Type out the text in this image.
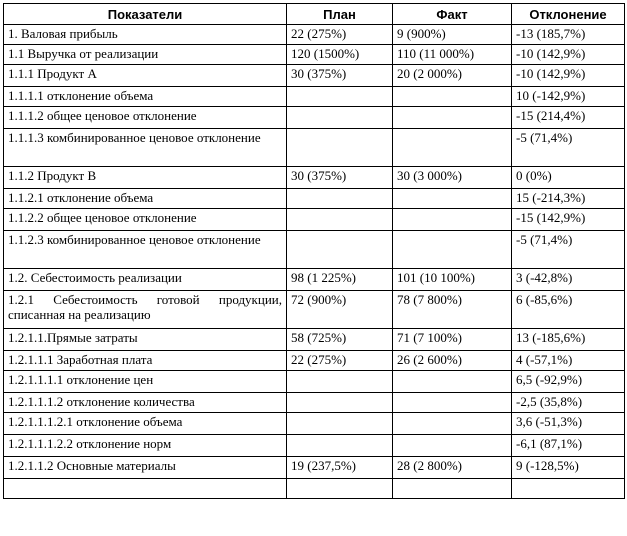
Показатели	План	Факт	Отклонение
1. Валовая прибыль	22 (275%)	9 (900%)	-13 (185,7%)
1.1 Выручка от реализации	120 (1500%)	110 (11 000%)	-10 (142,9%)
1.1.1 Продукт А	30 (375%)	20 (2 000%)	-10 (142,9%)
1.1.1.1 отклонение объема			10 (-142,9%)
1.1.1.2 общее ценовое отклонение			-15 (214,4%)
1.1.1.3 комбинированное ценовое отклонение			-5 (71,4%)
1.1.2 Продукт В	30 (375%)	30 (3 000%)	0 (0%)
1.1.2.1 отклонение объема			15 (-214,3%)
1.1.2.2 общее ценовое отклонение			-15 (142,9%)
1.1.2.3 комбинированное ценовое отклонение			-5 (71,4%)
1.2. Себестоимость реализации	98 (1 225%)	101 (10 100%)	3 (-42,8%)
1.2.1 Себестоимость готовой продукции, списанная на реализацию	72 (900%)	78 (7 800%)	6 (-85,6%)
1.2.1.1.Прямые затраты	58 (725%)	71 (7 100%)	13 (-185,6%)
1.2.1.1.1 Заработная плата	22 (275%)	26 (2 600%)	4 (-57,1%)
1.2.1.1.1.1 отклонение цен			6,5 (-92,9%)
1.2.1.1.1.2 отклонение количества			-2,5 (35,8%)
1.2.1.1.1.2.1 отклонение объема			3,6 (-51,3%)
1.2.1.1.1.2.2 отклонение норм			-6,1 (87,1%)
1.2.1.1.2 Основные материалы	19 (237,5%)	28 (2 800%)	9 (-128,5%)
